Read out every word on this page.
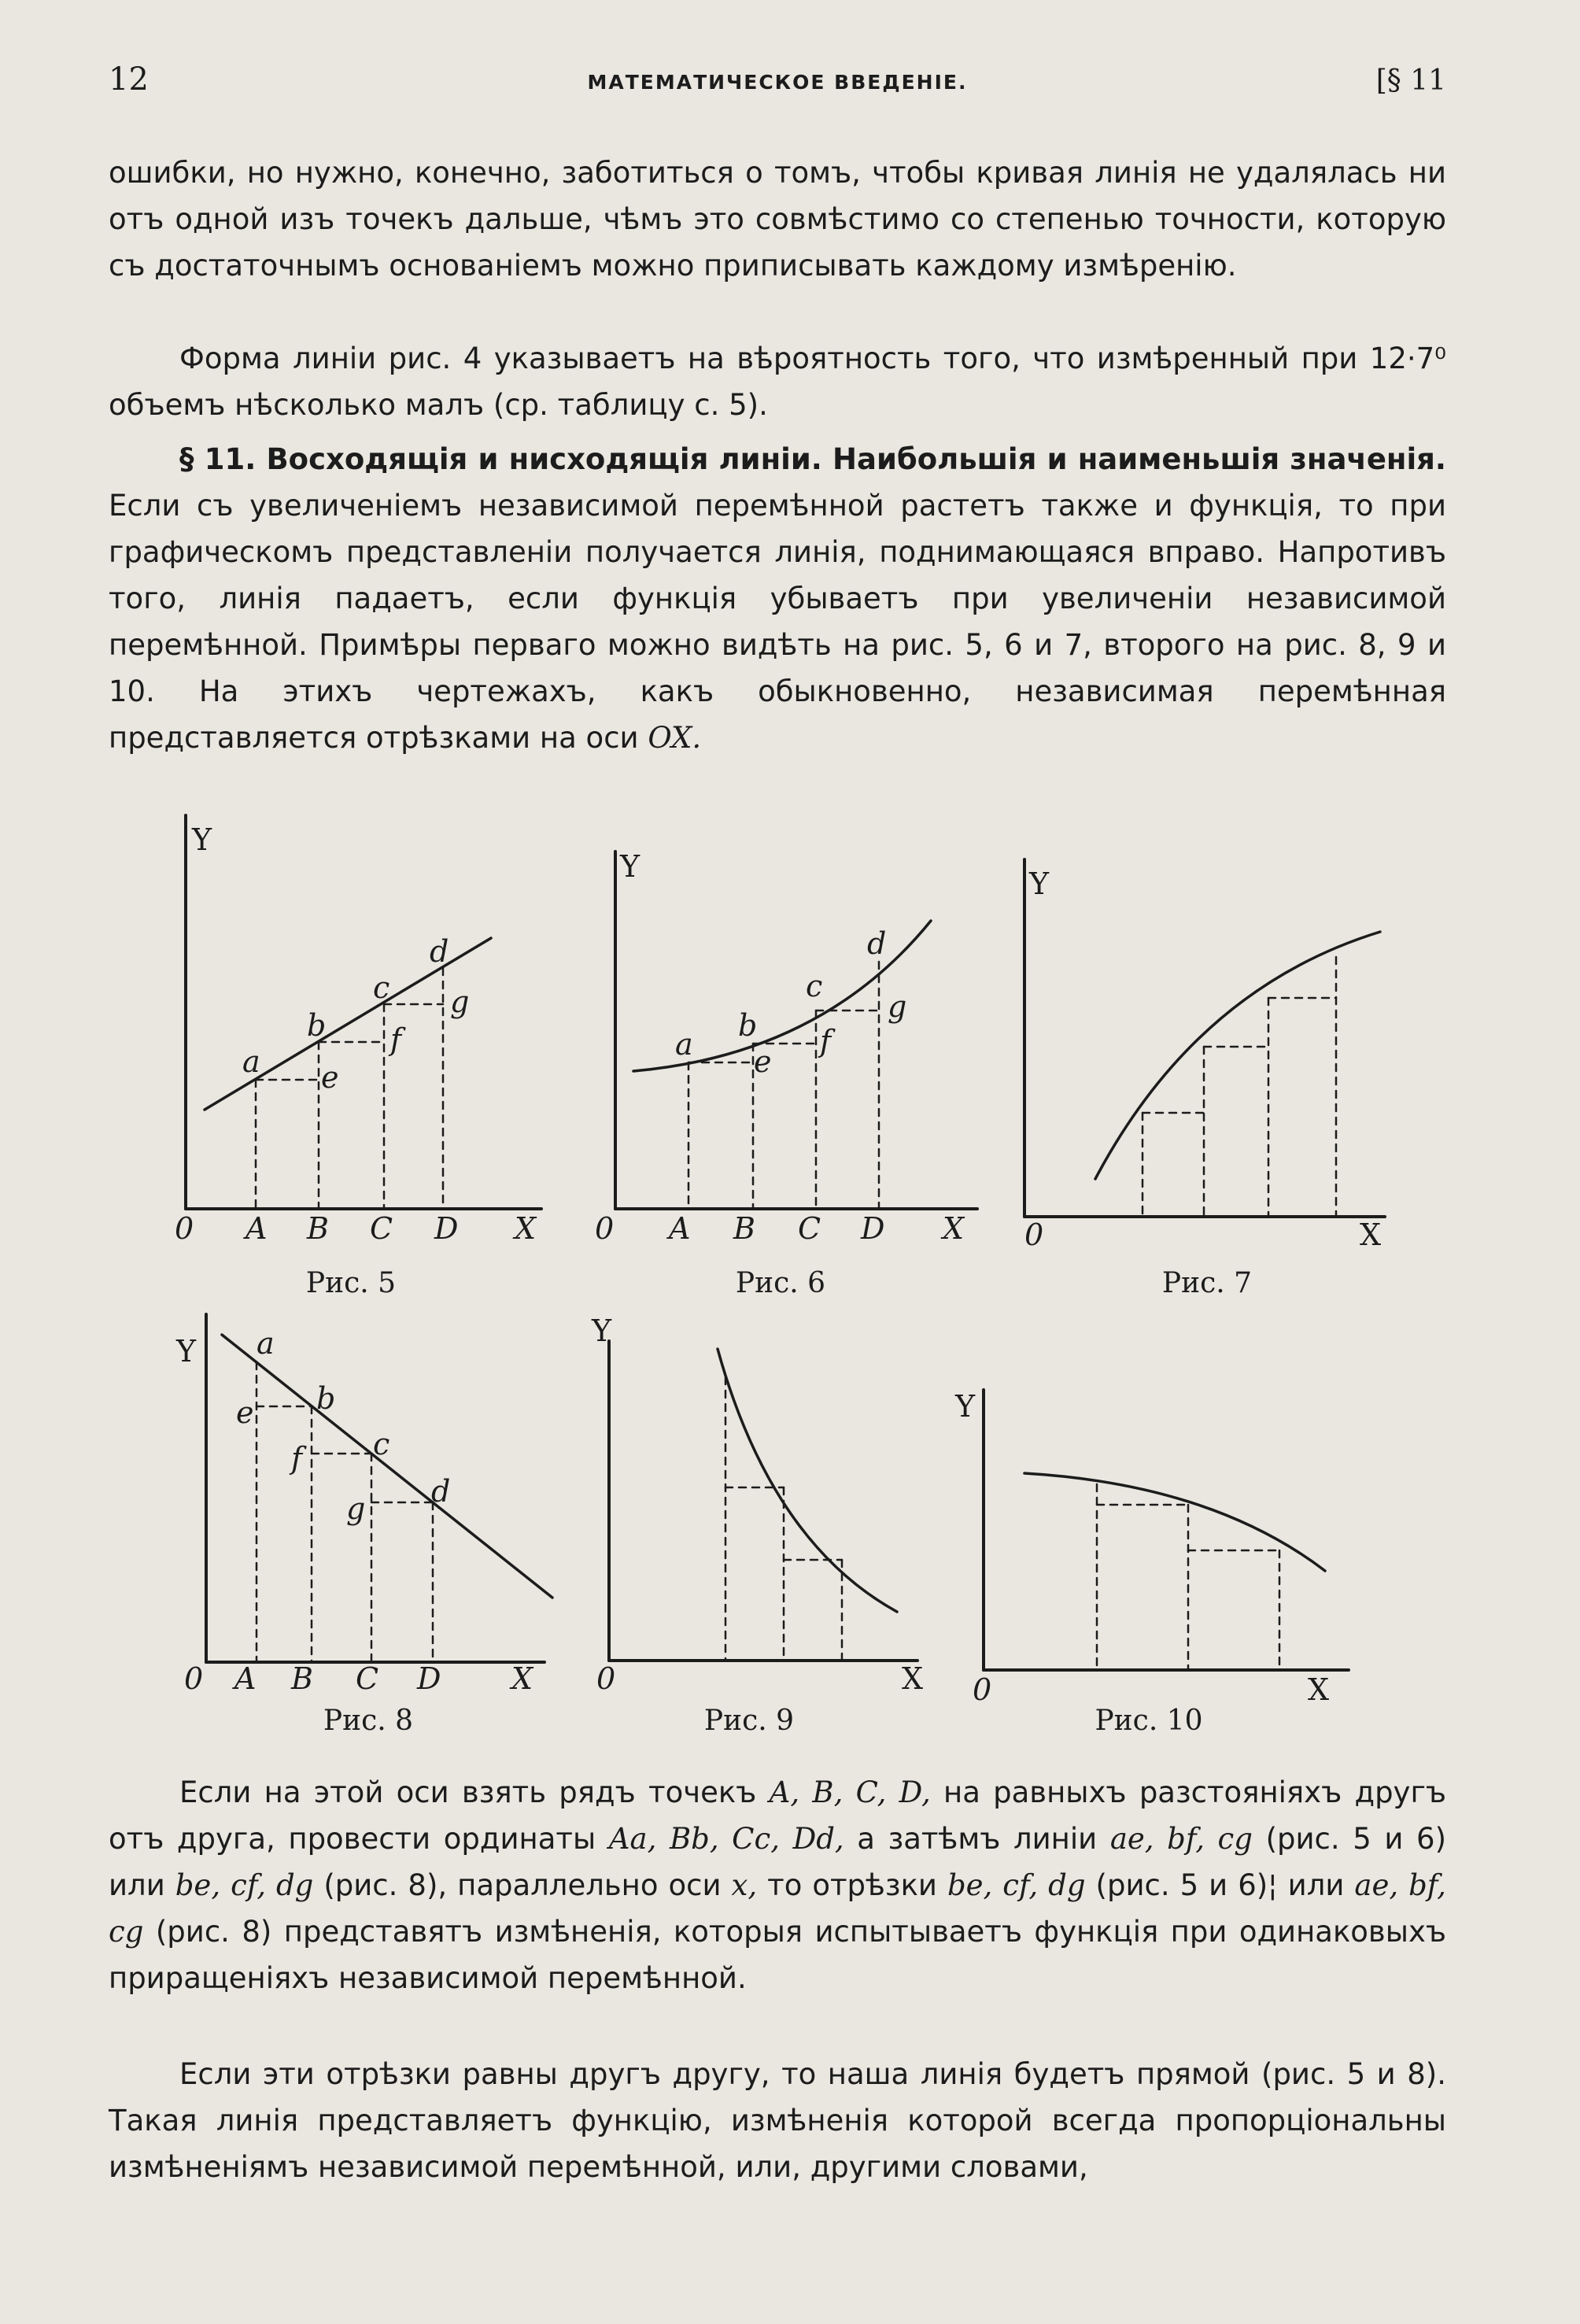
12	МАТЕМАТИЧЕСКОЕ ВВЕДЕНІЕ.	[§ 11

ошибки, но нужно, конечно, заботиться о томъ, чтобы кривая линія не удалялась ни отъ одной изъ точекъ дальше, чѣмъ это совмѣстимо со степенью точности, которую съ достаточнымъ основаніемъ можно приписывать каждому измѣренію.

Форма линіи рис. 4 указываетъ на вѣроятность того, что измѣренный при 12·7⁰ объемъ нѣсколько малъ (ср. таблицу с. 5).

§ 11. Восходящія и нисходящія линіи. Наибольшія и наименьшія значенія. Если съ увеличеніемъ независимой перемѣнной растетъ также и функція, то при графическомъ представленіи получается линія, поднимающаяся вправо. Напротивъ того, линія падаетъ, если функція убываетъ при увеличеніи независимой перемѣнной. Примѣры перваго можно видѣть на рис. 5, 6 и 7, второго на рис. 8, 9 и 10. На этихъ чертежахъ, какъ обыкновенно, независимая перемѣнная представляется отрѣзками на оси OX.

Y
0 A B C D X
a
b
c
d
e
f
g
Рис. 5
Y
0 A B C D X
a
b
c
d
e
f
g
Рис. 6
Y
0	X
Рис. 7
Y
0 A B C D X
a
b
c
d
e
f
g
Рис. 8
Y
0	X
Рис. 9
Y
0	X
Рис. 10

Если на этой оси взять рядъ точекъ A, B, C, D, на равныхъ разстояніяхъ другъ отъ друга, провести ординаты Aa, Bb, Cc, Dd, а затѣмъ линіи ae, bf, cg (рис. 5 и 6) или be, cf, dg (рис. 8), параллельно оси x, то отрѣзки be, cf, dg (рис. 5 и 6)¦ или ae, bf, cg (рис. 8) представятъ измѣненія, которыя испытываетъ функція при одинаковыхъ приращеніяхъ независимой перемѣнной.

Если эти отрѣзки равны другъ другу, то наша линія будетъ прямой (рис. 5 и 8). Такая линія представляетъ функцію, измѣненія которой всегда пропорціональны измѣненіямъ независимой перемѣнной, или, другими словами,
